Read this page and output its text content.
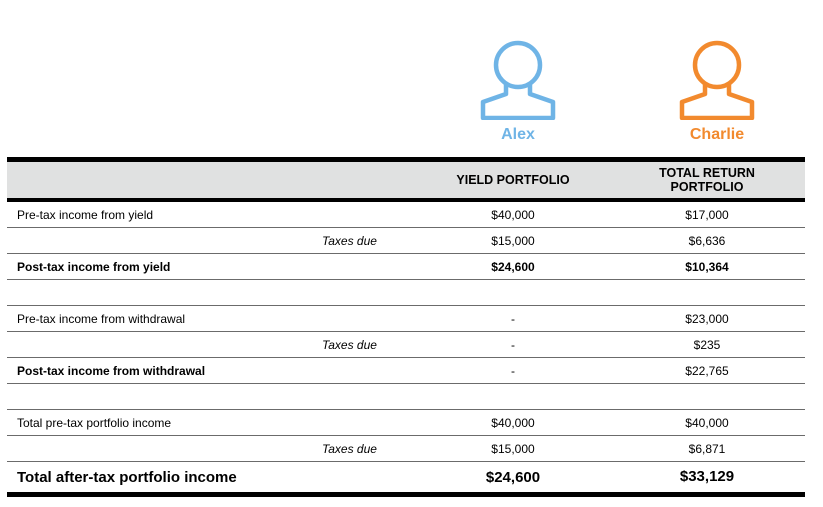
Alex	Charlie
YIELD PORTFOLIO	TOTAL RETURN
PORTFOLIO
Pre-tax income from yield	$40,000	$17,000
Taxes due	$15,000	$6,636
Post-tax income from yield	$24,600	$10,364
Pre-tax income from withdrawal	-	$23,000
Taxes due	-	$235
Post-tax income from withdrawal	-	$22,765
Total pre-tax portfolio income	$40,000	$40,000
Taxes due	$15,000	$6,871
Total after-tax portfolio income	$24,600	$33,129
